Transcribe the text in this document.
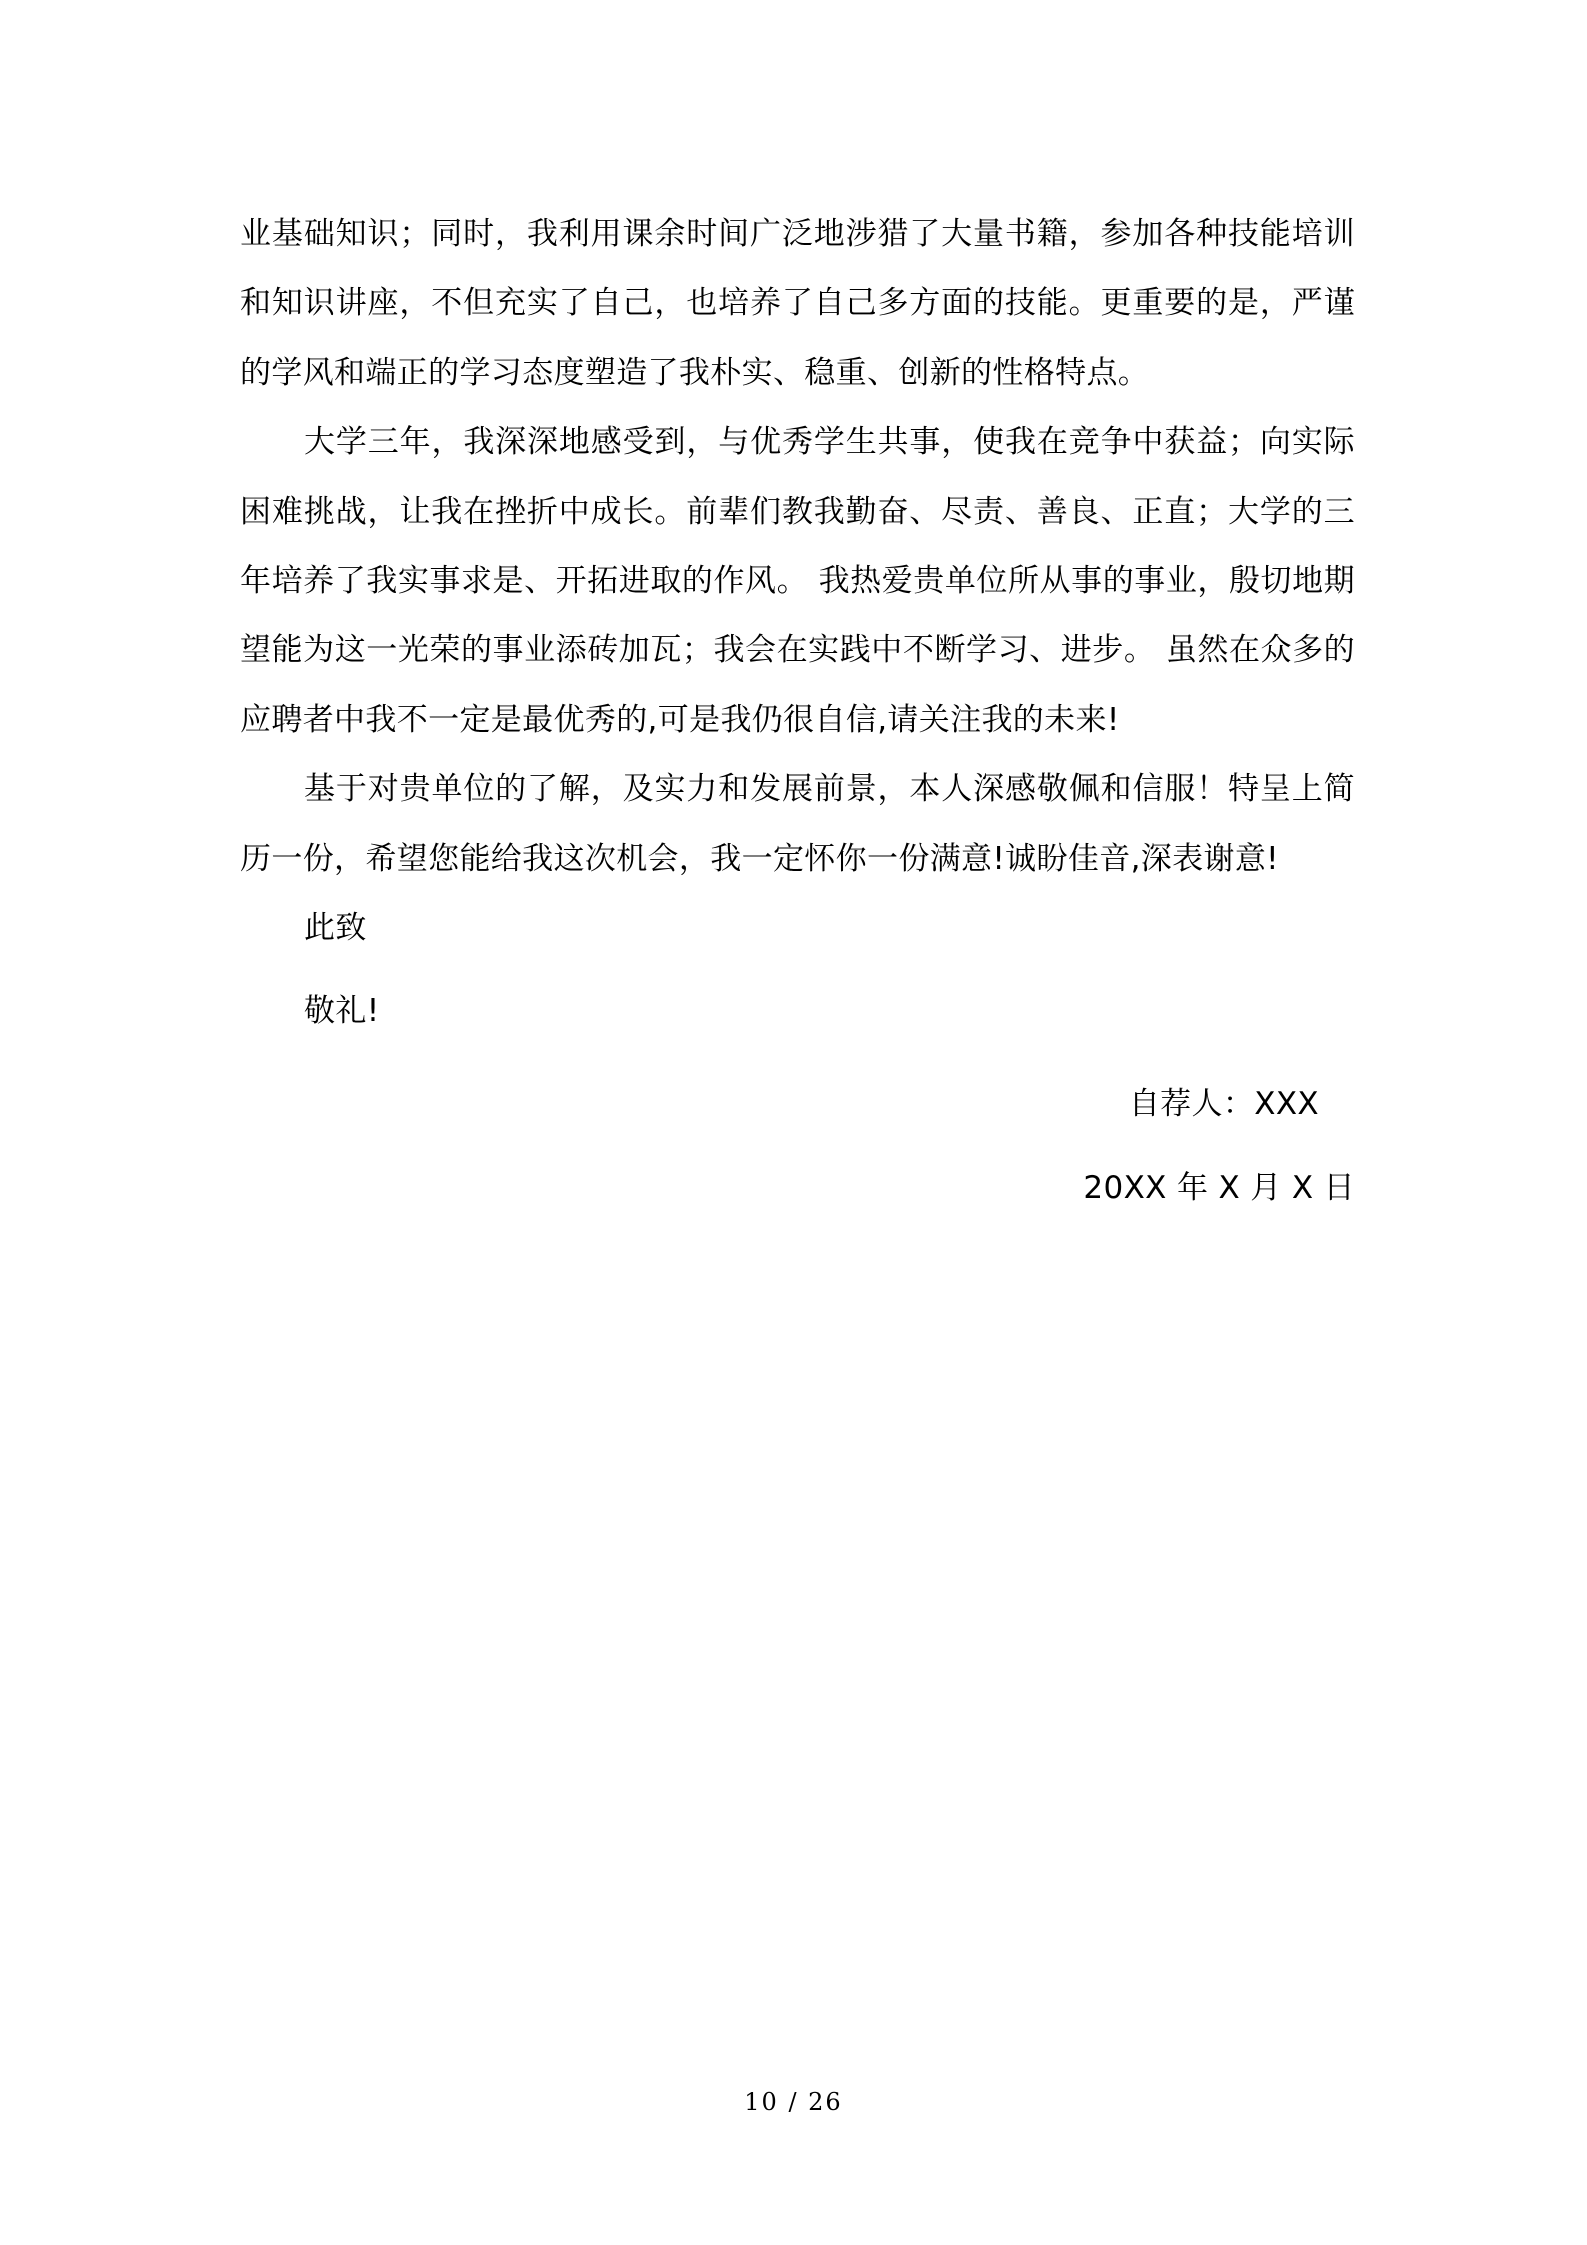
业基础知识；同时，我利用课余时间广泛地涉猎了大量书籍，参加各种技能培训和知识讲座，不但充实了自己，也培养了自己多方面的技能。更重要的是，严谨的学风和端正的学习态度塑造了我朴实、稳重、创新的性格特点。

大学三年，我深深地感受到，与优秀学生共事，使我在竞争中获益；向实际困难挑战，让我在挫折中成长。前辈们教我勤奋、尽责、善良、正直；大学的三年培养了我实事求是、开拓进取的作风。 我热爱贵单位所从事的事业，殷切地期望能为这一光荣的事业添砖加瓦；我会在实践中不断学习、进步。 虽然在众多的应聘者中我不一定是最优秀的,可是我仍很自信,请关注我的未来!

基于对贵单位的了解，及实力和发展前景，本人深感敬佩和信服！特呈上简历一份，希望您能给我这次机会，我一定怀你一份满意!诚盼佳音,深表谢意!

此致

敬礼!

自荐人：XXX
20XX 年 X 月 X 日
10 / 26
